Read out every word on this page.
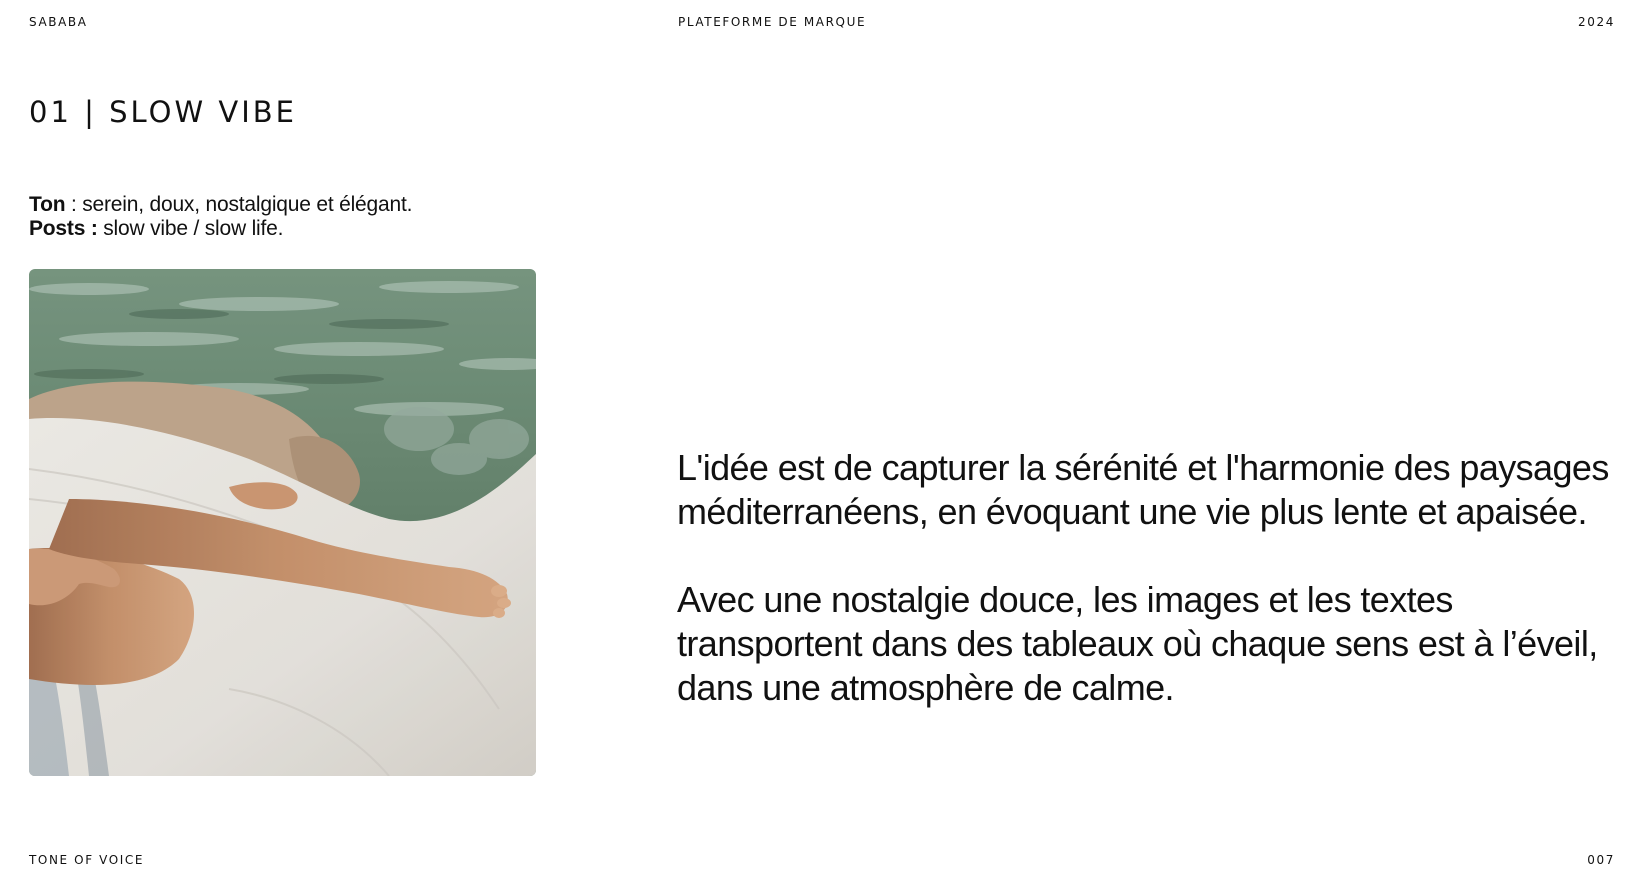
SABABA	PLATEFORME DE MARQUE	2024
01 | SLOW VIBE
Ton : serein, doux, nostalgique et élégant.
Posts : slow vibe / slow life.

L'idée est de capturer la sérénité et l'harmonie des paysages méditerranéens, en évoquant une vie plus lente et apaisée.

Avec une nostalgie douce, les images et les textes transportent dans des tableaux où chaque sens est à l’éveil, dans une atmosphère de calme.

TONE OF VOICE	007
